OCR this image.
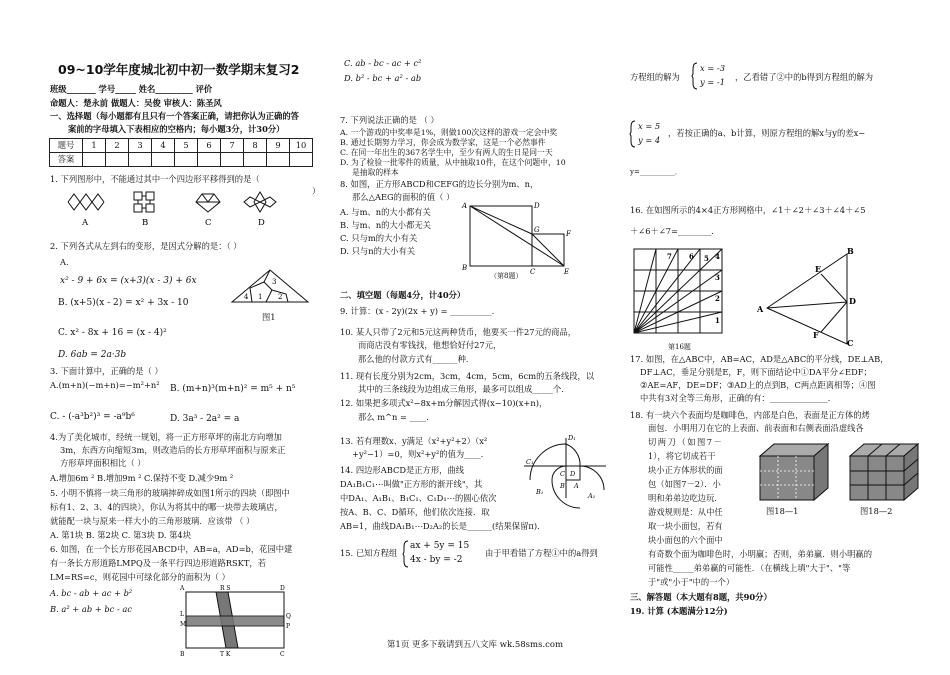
09~10学年度城北初中初一数学期末复习2
班级_______ 学号_____ 姓名_________ 评价
命题人：楚永前 做题人：吴俊 审核人：陈圣风
一、选择题（每小题都有且只有一个答案正确，请把你认为正确的答
案前的字母填入下表相应的空格内；每小题3分，计30分）
题号	1	2	3	4	5	6	7	8	9	10
答案										
1. 下列图形中，不能通过其中一个四边形平移得到的是（
）
A	B	C	D
2. 下列各式从左到右的变形，是因式分解的是：（ ）
A.
x² - 9 + 6x = (x+3)(x - 3) + 6x
B. (x+5)(x - 2) = x² + 3x - 10
C. x² - 8x + 16 = (x - 4)²
D. 6ab = 2a·3b
4 1
3
2
图1
3. 下面计算中，正确的是（ ）
A.(m+n)(−m+n)=−m²+n² B. (m+n)³(m+n)² = m⁵ + n⁵
C. - (-a³b²)³ = -a⁹b⁶	D. 3a³ - 2a² = a
4.为了美化城市，经统一规划，将一正方形草坪的南北方向增加
3m，东西方向缩短3m，则改造后的长方形草坪面积与原来正
方形草坪面积相比（ ）
A.增加6m ² B.增加9m ² C.保持不变 D.减少9m ²
5. 小明不慎将一块三角形的玻璃摔碎成如图1所示的四块（即图中
标有1、2、3、4的四块），你认为将其中的哪一块带去玻璃店，
就能配一块与原来一样大小的三角形玻璃．应该带 （ ）
A. 第1块 B. 第2块 C. 第3块 D. 第4块
6. 如图，在一个长方形花园ABCD中，AB=a，AD=b，花园中建
有一条长方形道路LMPQ及一条平行四边形道路RSKT，若
LM=RS=c，则花园中可绿化部分的面积为（ ）
A. bc - ab + ac + b²
B. a² + ab + bc - ac
A	R S	D
L
M
Q
P
B	T K	C
C. ab - bc - ac + c²
D. b² - bc + a² - ab
7. 下列说法正确的是 （ ）
A. 一个游戏的中奖率是1%，则做100次这样的游戏一定会中奖
B. 通过长期努力学习，你会成为数学家，这是一个必然事件
C. 在同一年出生的367名学生中，至少有两人的生日是同一天
D. 为了检验一批零件的质量，从中抽取10件，在这个问题中，10
是抽取的样本
8. 如图，正方形ABCD和CEFG的边长分别为m、n，
那么△AEG的面积的值（ ）
A. 与m、n的大小都有关
B. 与m、n的大小都无关
C. 只与m的大小有关
D. 只与n的大小有关
A	D
B	C	E
F
G
（第8题）
二、填空题（每题4分，计40分）
9. 计算：(x - 2y)(2x + y) = __________．
10. 某人只带了2元和5元这两种货币，他要买一件27元的商品，
而商店没有零钱找，他想恰好付27元，
那么他的付款方式有______种．
11. 现有长度分别为2cm，3cm，4cm，5cm，6cm的五条线段，以
其中的三条线段为边组成三角形，最多可以组成_____个．
12. 如果把多项式x²−8x+m分解因式得(x−10)(x+n)，
那么 m^n = ____．
13. 若有理数x、y满足（x²+y²+2）（x²
+y²−1）=0，则x²+y²的值为____．
14. 四边形ABCD是正方形，曲线
DA₁B₁C₁⋯叫做"正方形的渐开线"，其
中DA₁、A₁B₁、B₁C₁、C₁D₁⋯的圆心依次
按A、B、C、D循环，他们依次连接．取
AB=1，曲线DA₁B₁⋯D₂A₂的长是______(结果保留π)．
D₁
C₁
C D
B A
A₁
B₁
15. 已知方程组
ax + 5y = 15
4x - by = -2
由于甲看错了方程①中的a得到
方程组的解为
x = -3
y = -1 ，乙看错了②中的b得到方程组的解为
x = 5
y = 4
，若按正确的a、b计算，则原方程组的解x与y的差x−
y=__________．
16. 在如图所示的4×4正方形网格中，∠1＋∠2＋∠3＋∠4＋∠5
＋∠6＋∠7=________．
7 6 5 4
3
2
1
第16题
A
B
D
E
F
C
17. 如图，在△ABC中，AB=AC，AD是△ABC的平分线，DE⊥AB，
DF⊥AC，垂足分别是E，F，则下面结论中①DA平分∠EDF；
②AE=AF，DE=DF；③AD上的点到B，C两点距离相等；④图
中共有3对全等三角形，正确的有：______________．
18. 有一块六个表面均是咖啡色，内部是白色，表面是正方体的烤
面包．小明用刀在它的上表面、前表面和右侧表面沿虚线各
切两刀（如图7－
1），将它切成若干
块小正方体形状的面
包（如图7－2）．小
明和弟弟边吃边玩．
游戏规则是：从中任
取一块小面包，若有
块小面包的六个面中
有奇数个面为咖啡色时，小明赢；否则，弟弟赢．则小明赢的
可能性_____弟弟赢的可能性．（在横线上填"大于"、"等
于"或"小于"中的一个）
图18—1	图18—2
三、解答题（本大题有8题，共90分）
19. 计算 (本题满分12分)
第1页 更多下载请到五八文库 wk.58sms.com
